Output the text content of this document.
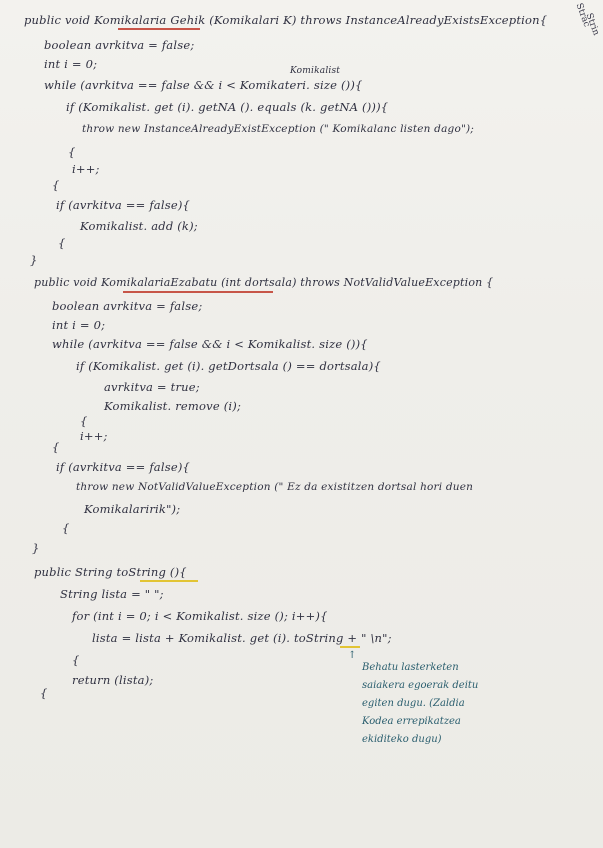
Strac
Strin
public void Komikalaria Gehik (Komikalari K) throws InstanceAlreadyExistsException{
boolean avrkitva = false;
int i = 0;	Komikalist
while (avrkitva == false && i < Komikateri. size ()){
if (Komikalist. get (i). getNA (). equals (k. getNA ())){
throw new InstanceAlreadyExistException (" Komikalanc listen dago");
{
i++;
{
if (avrkitva == false){
Komikalist. add (k);
{
}
public void KomikalariaEzabatu (int dortsala) throws NotValidValueException {
boolean avrkitva = false;
int i = 0;
while (avrkitva == false && i < Komikalist. size ()){
if (Komikalist. get (i). getDortsala () == dortsala){
avrkitva = true;
Komikalist. remove (i);
{
i++;
{
if (avrkitva == false){
throw new NotValidValueException (" Ez da existitzen dortsal hori duen
Komikalaririk");
{
}
public String toString (){
String lista = " ";
for (int i = 0; i < Komikalist. size (); i++){
lista = lista + Komikalist. get (i). toString + " \n";
{
return (lista);
{
↑
Behatu lasterketen
saiakera egoerak deitu
egiten dugu. (Zaldia
Kodea errepikatzea
ekiditeko dugu)
